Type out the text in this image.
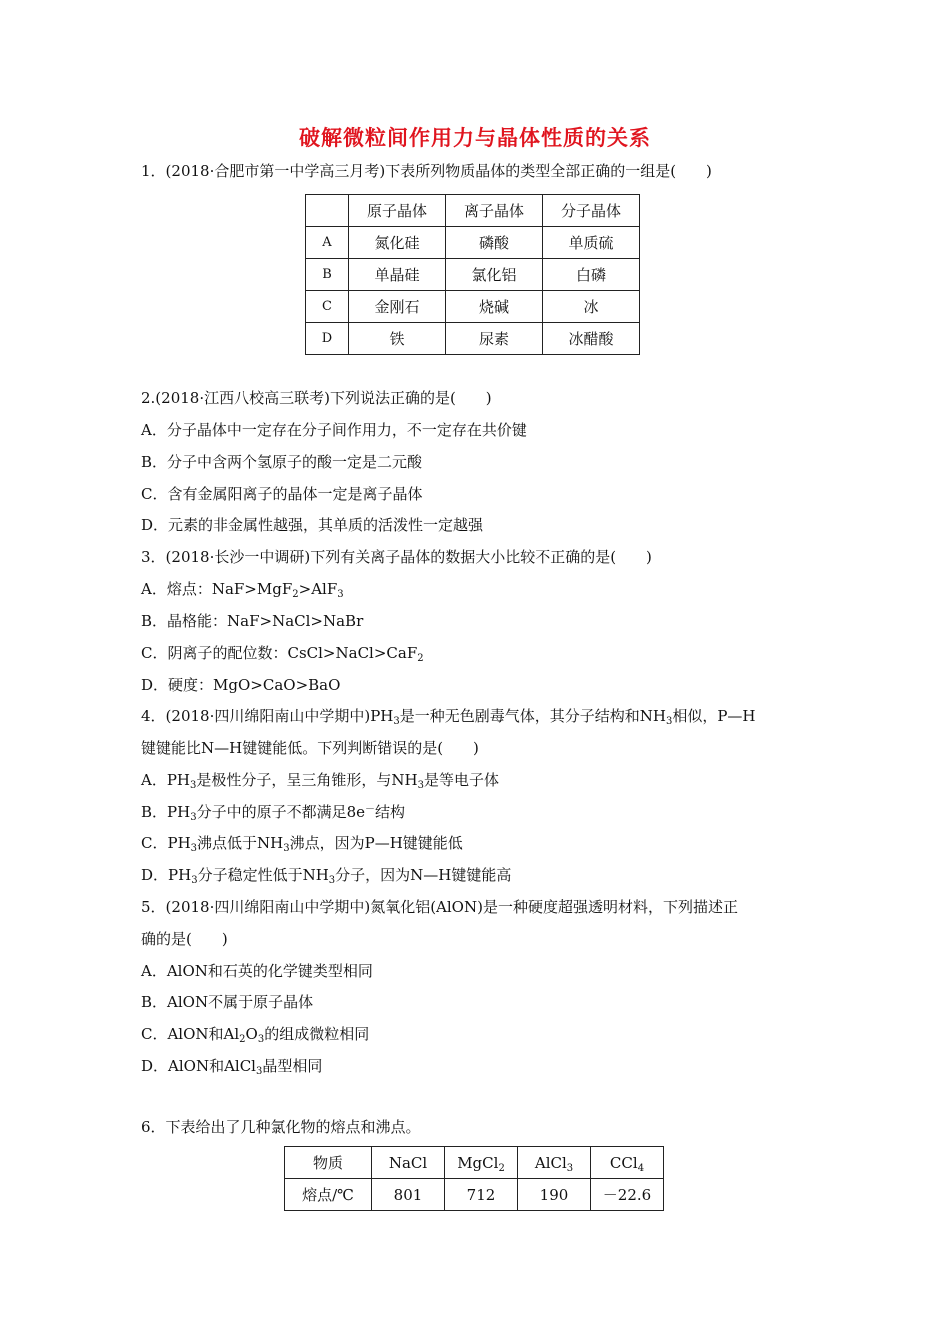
破解微粒间作用力与晶体性质的关系
1．(2018·合肥市第一中学高三月考)下表所列物质晶体的类型全部正确的一组是(　　)
	原子晶体	离子晶体	分子晶体
A	氮化硅	磷酸	单质硫
B	单晶硅	氯化铝	白磷
C	金刚石	烧碱	冰
D	铁	尿素	冰醋酸
2.(2018·江西八校高三联考)下列说法正确的是(　　)
A．分子晶体中一定存在分子间作用力，不一定存在共价键
B．分子中含两个氢原子的酸一定是二元酸
C．含有金属阳离子的晶体一定是离子晶体
D．元素的非金属性越强，其单质的活泼性一定越强
3．(2018·长沙一中调研)下列有关离子晶体的数据大小比较不正确的是(　　)
A．熔点：NaF>MgF$_2$>AlF$_3$
B．晶格能：NaF>NaCl>NaBr
C．阴离子的配位数：CsCl>NaCl>CaF$_2$
D．硬度：MgO>CaO>BaO
4．(2018·四川绵阳南山中学期中)$PH_3$是一种无色剧毒气体，其分子结构和$NH_3$相似，P—H
键键能比N—H键键能低。下列判断错误的是(　　)
A．$PH_3$是极性分子，呈三角锥形，与$NH_3$是等电子体
B．$PH_3$分子中的原子不都满足8e－结构
C．$PH_3$沸点低于$NH_3$沸点，因为P—H键键能低
D．$PH_3$分子稳定性低于$NH_3$分子，因为N—H键键能高
5．(2018·四川绵阳南山中学期中)氮氧化铝(AlON)是一种硬度超强透明材料，下列描述正
确的是(　　)
A．AlON和石英的化学键类型相同
B．AlON不属于原子晶体
C．AlON和$Al_2O_3$的组成微粒相同
D．AlON和AlCl$_3$晶型相同
6．下表给出了几种氯化物的熔点和沸点。
物质	NaCl	MgCl$_2$	AlCl$_3$	CCl$_4$
熔点/℃	801	712	190	－22.6
